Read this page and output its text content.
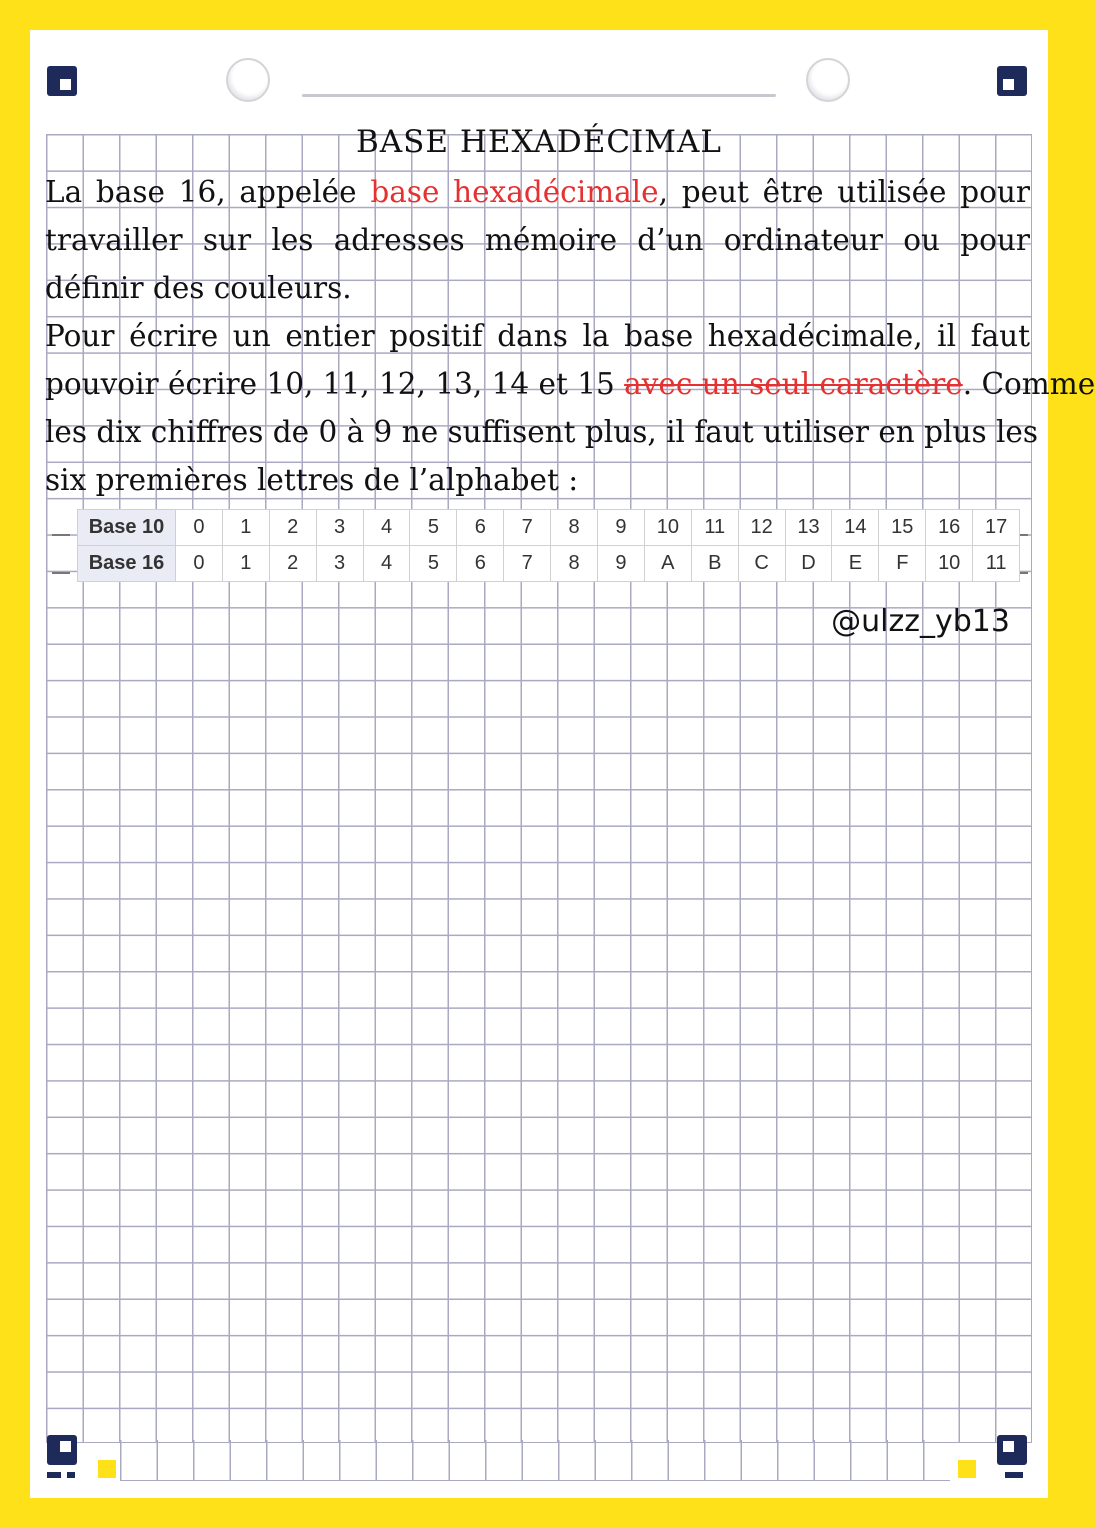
BASE HEXADÉCIMAL
La base 16, appelée base hexadécimale, peut être utilisée pour
travailler sur les adresses mémoire d’un ordinateur ou pour
définir des couleurs.
Pour écrire un entier positif dans la base hexadécimale, il faut
pouvoir écrire 10, 11, 12, 13, 14 et 15 avec un seul caractère. Comme
les dix chiffres de 0 à 9 ne suffisent plus, il faut utiliser en plus les
six premières lettres de l’alphabet :
Base 10	0	1	2	3	4	5	6	7	8	9	10	11	12	13	14	15	16	17
Base 16	0	1	2	3	4	5	6	7	8	9	A	B	C	D	E	F	10	11
@ulzz_yb13
